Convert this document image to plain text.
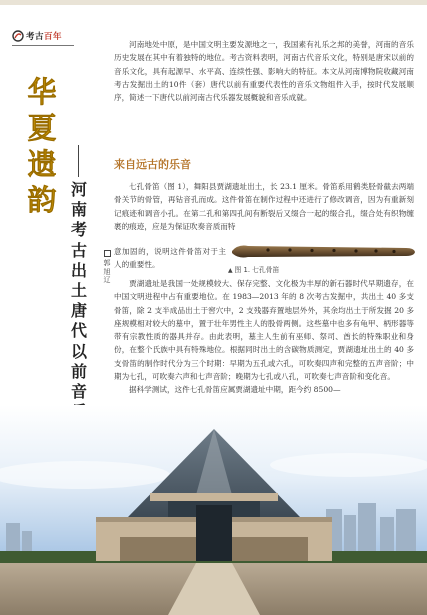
考古百年
华
夏
遗
韵 河
南
考
古
出
土
唐
代
以
前
音
郭
旭
辽

河南地处中原，是中国文明主要发源地之一，我国素有礼乐之邦的美誉，河南的音乐历史发展在其中有着独特的地位。考古资料表明，河南古代音乐文化，特别是唐宋以前的音乐文化，具有起源早、水平高、连续性强、影响大的特征。本文从河南博物院收藏河南考古发掘出土的10件（套）唐代以前有重要代表性的音乐文物组件入手，按时代发展顺序，简述一下唐代以前河南古代乐器发展概貌和音乐成就。

来自远古的乐音

七孔骨笛（图 1），舞阳县贾湖遗址出土，长 23.1 厘米。骨笛系用鹤类胫骨截去两端骨关节的骨管，再钻音孔而成。这件骨笛在制作过程中还进行了修改调音，因为有重新刻记痕迹和调音小孔。在第二孔和第四孔间有断裂后又缀合一起的缀合孔，缀合处有织物缠裹的痕迹，应是为保证吹奏音质而特

意加固的，说明这件骨笛对于主人的重要性。

▲ 图 1. 七孔骨笛

贾湖遗址是我国一处规模较大、保存完整、文化极为丰厚的新石器时代早期遗存，在中国文明进程中占有重要地位。在 1983—2013 年的 8 次考古发掘中，共出土 40 多支骨笛，除 2 支半成品出土于窖穴中，2 支残器弃置地层外外，其余均出土于所发掘 20 多座规模相对较大的墓中，置于壮年男性主人的股骨两侧。这些墓中也多有龟甲、柄形器等带有宗教性质的器具并存。由此表明，墓主人生前有巫师、祭司、酋长的特殊职业和身份，在整个氏族中具有特殊地位。根据同时出土的含碳物质测定，贾湖遗址出土的 40 多支骨笛的制作时代分为三个时期：早期为五孔或六孔，可吹奏四声和完整的五声音阶；中期为七孔，可吹奏六声和七声音阶；晚期为七孔或八孔，可吹奏七声音阶和变化音。
据科学测试，这件七孔骨笛应属贾湖遗址中期，距今约 8500—
